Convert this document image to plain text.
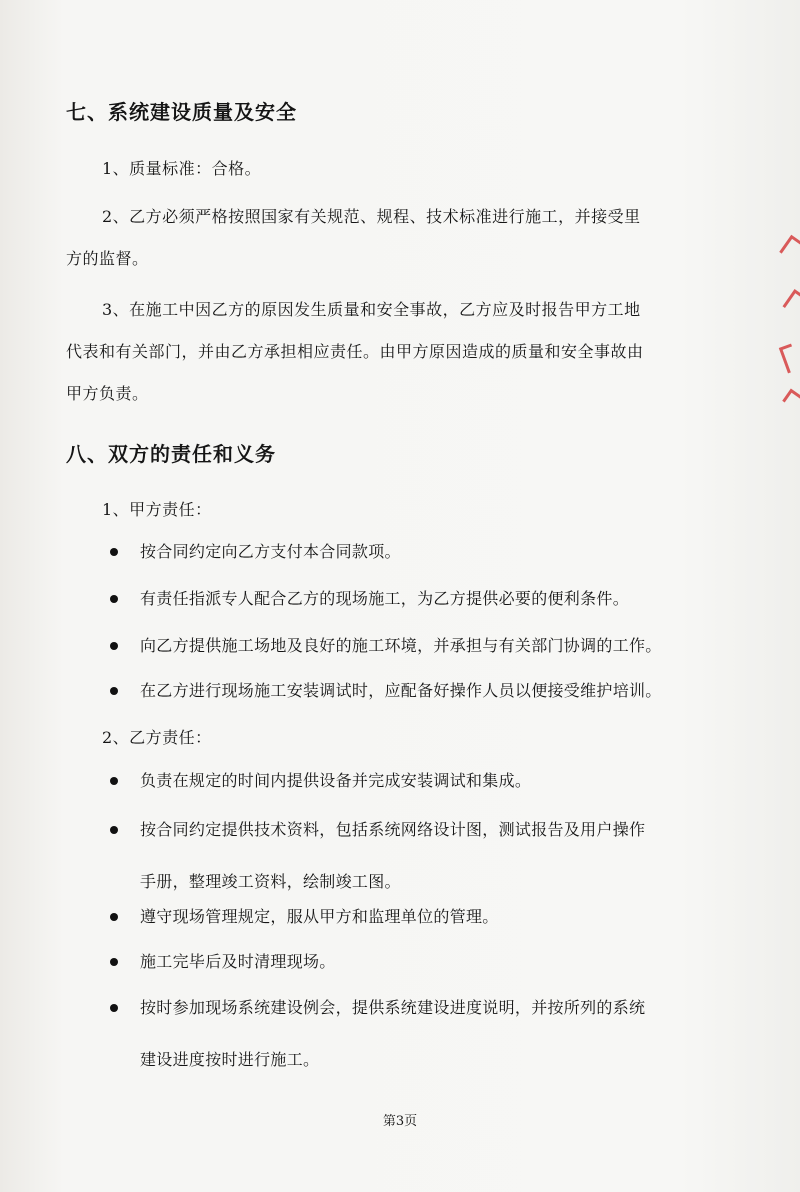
七、系统建设质量及安全
1、质量标准：合格。
2、乙方必须严格按照国家有关规范、规程、技术标准进行施工，并接受里
方的监督。
3、在施工中因乙方的原因发生质量和安全事故，乙方应及时报告甲方工地
代表和有关部门，并由乙方承担相应责任。由甲方原因造成的质量和安全事故由
甲方负责。
八、双方的责任和义务
1、甲方责任：
按合同约定向乙方支付本合同款项。
有责任指派专人配合乙方的现场施工，为乙方提供必要的便利条件。
向乙方提供施工场地及良好的施工环境，并承担与有关部门协调的工作。
在乙方进行现场施工安装调试时，应配备好操作人员以便接受维护培训。
2、乙方责任：
负责在规定的时间内提供设备并完成安装调试和集成。
按合同约定提供技术资料，包括系统网络设计图，测试报告及用户操作
手册，整理竣工资料，绘制竣工图。
遵守现场管理规定，服从甲方和监理单位的管理。
施工完毕后及时清理现场。
按时参加现场系统建设例会，提供系统建设进度说明，并按所列的系统
建设进度按时进行施工。
第3页
